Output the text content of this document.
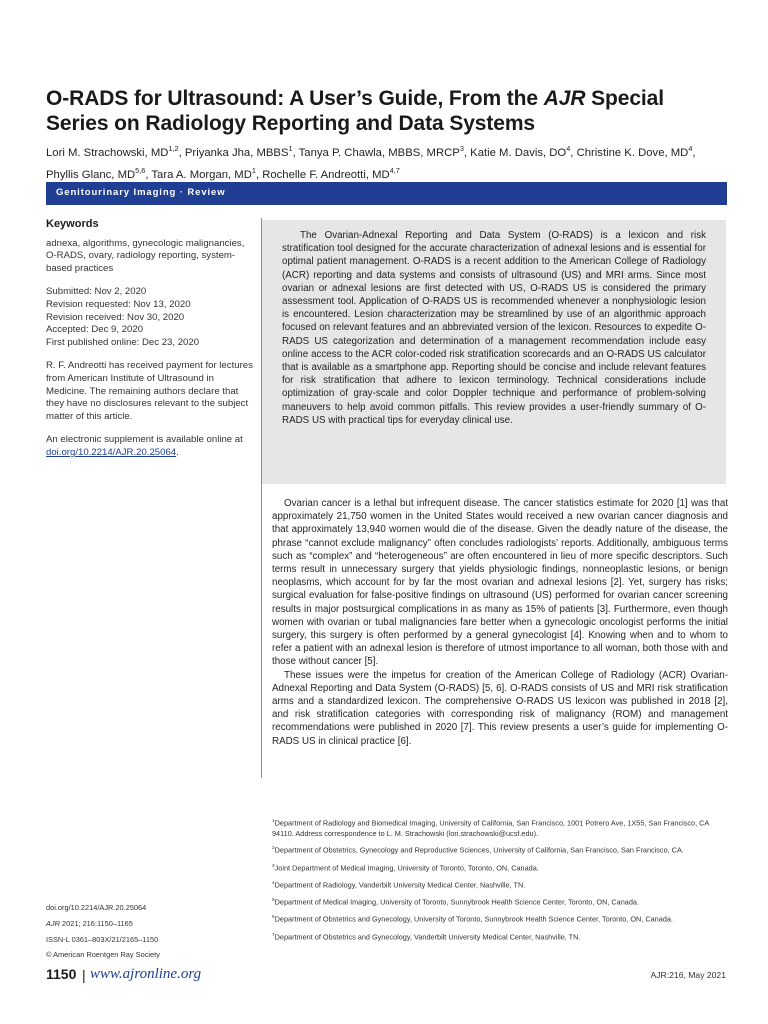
O-RADS for Ultrasound: A User’s Guide, From the AJR Special Series on Radiology Reporting and Data Systems
Lori M. Strachowski, MD$^{1,2}$, Priyanka Jha, MBBS$^1$, Tanya P. Chawla, MBBS, MRCP$^3$, Katie M. Davis, $DO^4$, Christine K. Dove, $MD^4$, Phyllis Glanc, MD$^{5,6}$, Tara A. Morgan, $MD^1$, Rochelle F. Andreotti, MD$^{4,7}$
Genitourinary Imaging · Review
Keywords

adnexa, algorithms, gynecologic malignancies, O-RADS, ovary, radiology reporting, system-based practices

Submitted: Nov 2, 2020
Revision requested: Nov 13, 2020
Revision received: Nov 30, 2020
Accepted: Dec 9, 2020
First published online: Dec 23, 2020

R. F. Andreotti has received payment for lectures from American Institute of Ultrasound in Medicine. The remaining authors declare that they have no disclosures relevant to the subject matter of this article.

An electronic supplement is available online at doi.org/10.2214/AJR.20.25064.

The Ovarian-Adnexal Reporting and Data System (O-RADS) is a lexicon and risk stratification tool designed for the accurate characterization of adnexal lesions and is essential for optimal patient management. O-RADS is a recent addition to the American College of Radiology (ACR) reporting and data systems and consists of ultrasound (US) and MRI arms. Since most ovarian or adnexal lesions are first detected with US, O-RADS US is considered the primary assessment tool. Application of O-RADS US is recommended whenever a nonphysiologic lesion is encountered. Lesion characterization may be streamlined by use of an algorithmic approach focused on relevant features and an abbreviated version of the lexicon. Resources to expedite O-RADS US categorization and determination of a management recommendation include easy online access to the ACR color-coded risk stratification scorecards and an O-RADS US calculator that is available as a smartphone app. Reporting should be concise and include relevant features for risk stratification that adhere to lexicon terminology. Technical considerations include optimization of gray-scale and color Doppler technique and performance of problem-solving maneuvers to help avoid common pitfalls. This review provides a user-friendly summary of O-RADS US with practical tips for everyday clinical use.

Ovarian cancer is a lethal but infrequent disease. The cancer statistics estimate for 2020 [1] was that approximately 21,750 women in the United States would received a new ovarian cancer diagnosis and that approximately 13,940 women would die of the disease. Given the deadly nature of the disease, the phrase “cannot exclude malignancy” often concludes radiologists’ reports. Additionally, ambiguous terms such as “complex” and “heterogeneous” are often encountered in lieu of more specific descriptors. Such terms result in unnecessary surgery that yields physiologic findings, nonneoplastic lesions, or benign neoplasms, which account for by far the most ovarian and adnexal lesions [2]. Yet, surgery has risks; surgical evaluation for false-positive findings on ultrasound (US) performed for ovarian cancer screening results in major postsurgical complications in as many as 15% of patients [3]. Furthermore, even though women with ovarian or tubal malignancies fare better when a gynecologic oncologist performs the initial surgery, this surgery is often performed by a general gynecologist [4]. Knowing when and to whom to refer a patient with an adnexal lesion is therefore of utmost importance to all woman, both those with and those without cancer [5].

These issues were the impetus for creation of the American College of Radiology (ACR) Ovarian-Adnexal Reporting and Data System (O-RADS) [5, 6]. O-RADS consists of US and MRI risk stratification arms and a standardized lexicon. The comprehensive O-RADS US lexicon was published in 2018 [2], and risk stratification categories with corresponding risk of malignancy (ROM) and management recommendations were published in 2020 [7]. This review presents a user’s guide for implementing O-RADS US in clinical practice [6].

$^1$Department of Radiology and Biomedical Imaging, University of California, San Francisco, 1001 Potrero Ave, 1X55, San Francisco, CA 94110. Address correspondence to L. M. Strachowski (lori.strachowski@ucsf.edu).

$^2$Department of Obstetrics, Gynecology and Reproductive Sciences, University of California, San Francisco, San Francisco, CA.

$^3$Joint Department of Medical Imaging, University of Toronto, Toronto, ON, Canada.

$^4$Department of Radiology, Vanderbilt University Medical Center, Nashville, TN.

$^5$Department of Medical Imaging, University of Toronto, Sunnybrook Health Science Center, Toronto, ON, Canada.

$^6$Department of Obstetrics and Gynecology, University of Toronto, Sunnybrook Health Science Center, Toronto, ON, Canada.

$^7$Department of Obstetrics and Gynecology, Vanderbilt University Medical Center, Nashville, TN.

doi.org/10.2214/AJR.20.25064
AJR 2021; 216:1150–1165
ISSN-L 0361–803X/21/2165–1150
© American Roentgen Ray Society
1150 | www.ajronline.org	AJR:216, May 2021
